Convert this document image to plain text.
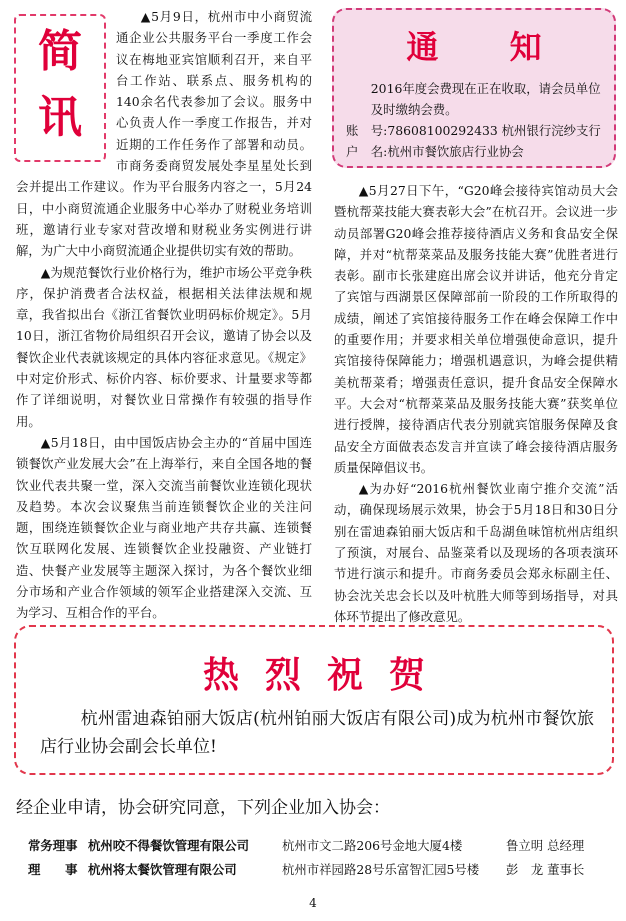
简
讯

▲5月9日，杭州市中小商贸流通企业公共服务平台一季度工作会议在梅地亚宾馆顺利召开，来自平台工作站、联系点、服务机构的140余名代表参加了会议。服务中心负责人作一季度工作报告，并对近期的工作任务作了部署和动员。市商务委商贸发展处李星星处长到会并提出工作建议。作为平台服务内容之一，5月24日，中小商贸流通企业服务中心举办了财税业务培训班，邀请行业专家对营改增和财税业务实例进行讲解，为广大中小商贸流通企业提供切实有效的帮助。

▲为规范餐饮行业价格行为，维护市场公平竞争秩序，保护消费者合法权益，根据相关法律法规和规章，我省拟出台《浙江省餐饮业明码标价规定》。5月10日，浙江省物价局组织召开会议，邀请了协会以及餐饮企业代表就该规定的具体内容征求意见。《规定》中对定价形式、标价内容、标价要求、计量要求等都作了详细说明，对餐饮业日常操作有较强的指导作用。

▲5月18日，由中国饭店协会主办的“首届中国连锁餐饮产业发展大会”在上海举行，来自全国各地的餐饮业代表共聚一堂，深入交流当前餐饮业连锁化现状及趋势。本次会议聚焦当前连锁餐饮企业的关注问题，围绕连锁餐饮企业与商业地产共存共赢、连锁餐饮互联网化发展、连锁餐饮企业投融资、产业链打造、快餐产业发展等主题深入探讨，为各个餐饮业细分市场和产业合作领域的领军企业搭建深入交流、互为学习、互相合作的平台。

通 知
2016年度会费现在正在收取，请会员单位及时缴纳会费。
账　号:78608100292433 杭州银行浣纱支行
户　名:杭州市餐饮旅店行业协会

▲5月27日下午，“G20峰会接待宾馆动员大会暨杭帮菜技能大赛表彰大会”在杭召开。会议进一步动员部署G20峰会推荐接待酒店义务和食品安全保障，并对“杭帮菜菜品及服务技能大赛”优胜者进行表彰。副市长张建庭出席会议并讲话，他充分肯定了宾馆与西湖景区保障部前一阶段的工作所取得的成绩，阐述了宾馆接待服务工作在峰会保障工作中的重要作用；并要求相关单位增强使命意识，提升宾馆接待保障能力；增强机遇意识，为峰会提供精美杭帮菜肴；增强责任意识，提升食品安全保障水平。大会对“杭帮菜菜品及服务技能大赛”获奖单位进行授牌，接待酒店代表分别就宾馆服务保障及食品安全方面做表态发言并宣读了峰会接待酒店服务质量保障倡议书。

▲为办好“2016杭州餐饮业南宁推介交流”活动，确保现场展示效果，协会于5月18日和30日分别在雷迪森铂丽大饭店和千岛湖鱼味馆杭州店组织了预演，对展台、品鉴菜肴以及现场的各项表演环节进行演示和提升。市商务委员会郑永标副主任、协会沈关忠会长以及叶杭胜大师等到场指导，对具体环节提出了修改意见。

热烈祝贺
杭州雷迪森铂丽大饭店(杭州铂丽大饭店有限公司)成为杭州市餐饮旅店行业协会副会长单位!
经企业申请，协会研究同意，下列企业加入协会：
常务理事 杭州咬不得餐饮管理有限公司	杭州市文二路206号金地大厦4楼	鲁立明 总经理
理　　事 杭州将太餐饮管理有限公司	杭州市祥园路28号乐富智汇园5号楼 彭　龙 董事长
4
